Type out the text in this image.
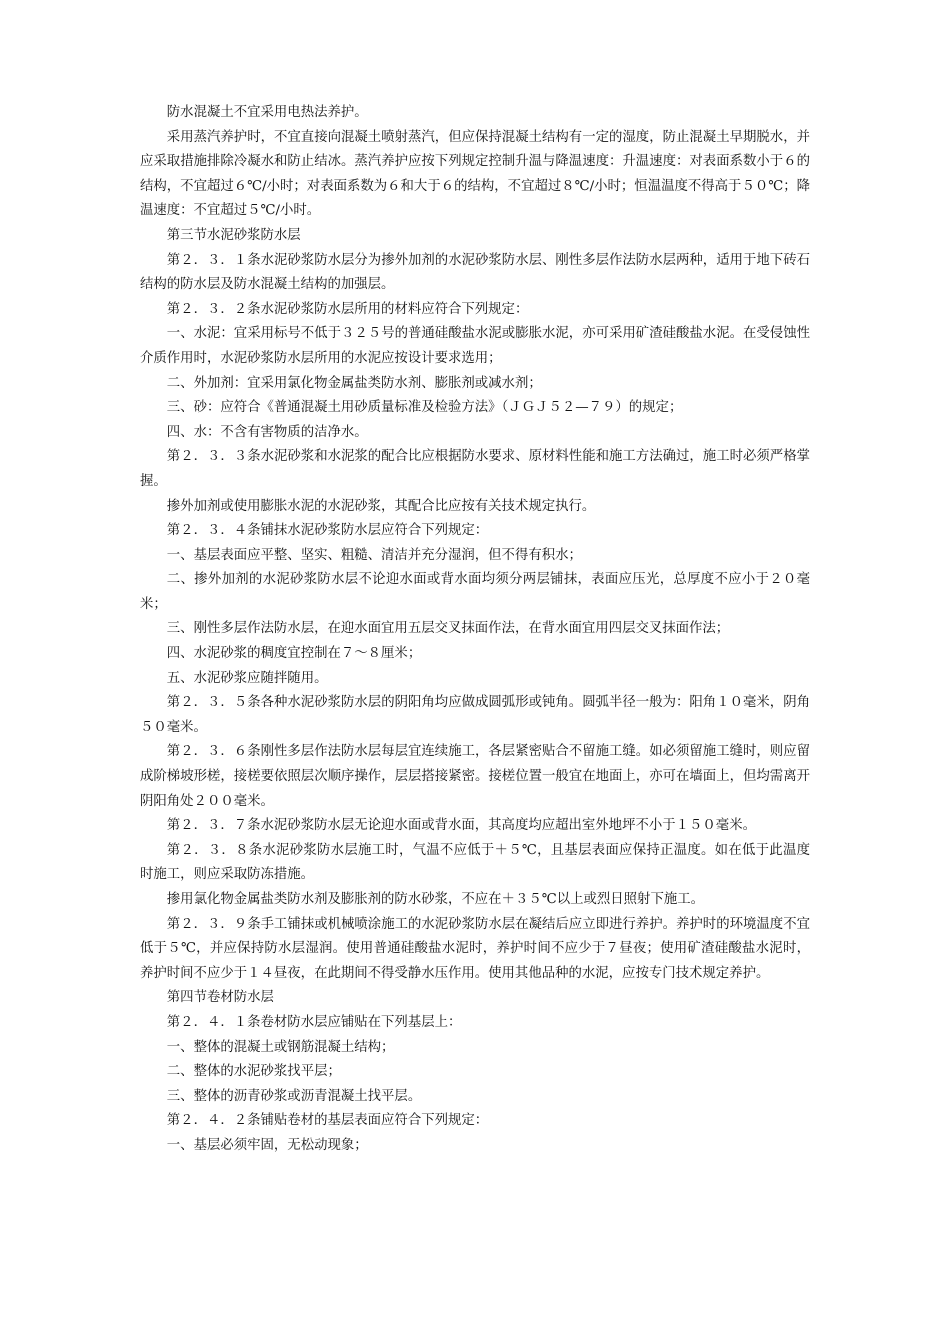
防水混凝土不宜采用电热法养护。

采用蒸汽养护时，不宜直接向混凝土喷射蒸汽，但应保持混凝土结构有一定的湿度，防止混凝土早期脱水，并应采取措施排除冷凝水和防止结冰。蒸汽养护应按下列规定控制升温与降温速度：升温速度：对表面系数小于６的结构，不宜超过６℃/小时；对表面系数为６和大于６的结构，不宜超过８℃/小时；恒温温度不得高于５０℃；降温速度：不宜超过５℃/小时。

第三节水泥砂浆防水层

第２．３．１条水泥砂浆防水层分为掺外加剂的水泥砂浆防水层、刚性多层作法防水层两种，适用于地下砖石结构的防水层及防水混凝土结构的加强层。

第２．３．２条水泥砂浆防水层所用的材料应符合下列规定：

一、水泥：宜采用标号不低于３２５号的普通硅酸盐水泥或膨胀水泥，亦可采用矿渣硅酸盐水泥。在受侵蚀性介质作用时，水泥砂浆防水层所用的水泥应按设计要求选用；

二、外加剂：宜采用氯化物金属盐类防水剂、膨胀剂或减水剂；

三、砂：应符合《普通混凝土用砂质量标准及检验方法》（ＪＧＪ５２—７９）的规定；

四、水：不含有害物质的洁净水。

第２．３．３条水泥砂浆和水泥浆的配合比应根据防水要求、原材料性能和施工方法确过，施工时必须严格掌握。

掺外加剂或使用膨胀水泥的水泥砂浆，其配合比应按有关技术规定执行。

第２．３．４条铺抹水泥砂浆防水层应符合下列规定：

一、基层表面应平整、坚实、粗糙、清洁并充分湿润，但不得有积水；

二、掺外加剂的水泥砂浆防水层不论迎水面或背水面均须分两层铺抹，表面应压光，总厚度不应小于２０毫米；

三、刚性多层作法防水层，在迎水面宜用五层交叉抹面作法，在背水面宜用四层交叉抹面作法；

四、水泥砂浆的稠度宜控制在７～８厘米；

五、水泥砂浆应随拌随用。

第２．３．５条各种水泥砂浆防水层的阴阳角均应做成圆弧形或钝角。圆弧半径一般为：阳角１０毫米，阴角５０毫米。

第２．３．６条刚性多层作法防水层每层宜连续施工，各层紧密贴合不留施工缝。如必须留施工缝时，则应留成阶梯坡形槎，接槎要依照层次顺序操作，层层搭接紧密。接槎位置一般宜在地面上，亦可在墙面上，但均需离开阴阳角处２００毫米。

第２．３．７条水泥砂浆防水层无论迎水面或背水面，其高度均应超出室外地坪不小于１５０毫米。

第２．３．８条水泥砂浆防水层施工时，气温不应低于＋５℃，且基层表面应保持正温度。如在低于此温度时施工，则应采取防冻措施。

掺用氯化物金属盐类防水剂及膨胀剂的防水砂浆，不应在＋３５℃以上或烈日照射下施工。

第２．３．９条手工铺抹或机械喷涂施工的水泥砂浆防水层在凝结后应立即进行养护。养护时的环境温度不宜低于５℃，并应保持防水层湿润。使用普通硅酸盐水泥时，养护时间不应少于７昼夜；使用矿渣硅酸盐水泥时，养护时间不应少于１４昼夜，在此期间不得受静水压作用。使用其他品种的水泥，应按专门技术规定养护。

第四节卷材防水层

第２．４．１条卷材防水层应铺贴在下列基层上：

一、整体的混凝土或钢筋混凝土结构；

二、整体的水泥砂浆找平层；

三、整体的沥青砂浆或沥青混凝土找平层。

第２．４．２条铺贴卷材的基层表面应符合下列规定：

一、基层必须牢固，无松动现象；
